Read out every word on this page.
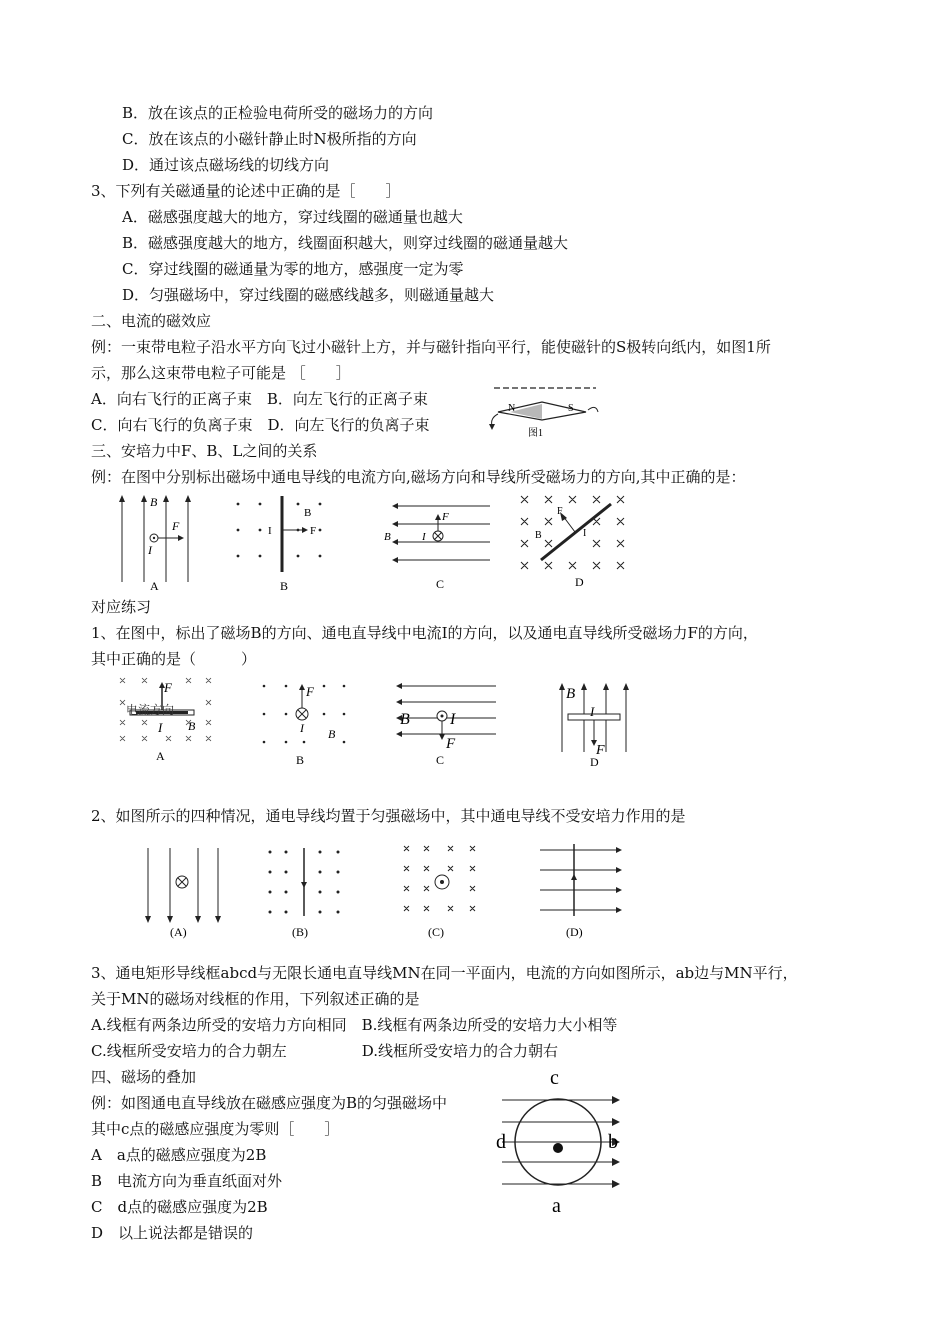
B．放在该点的正检验电荷所受的磁场力的方向
C．放在该点的小磁针静止时N极所指的方向
D．通过该点磁场线的切线方向
3、下列有关磁通量的论述中正确的是［　　］
A．磁感强度越大的地方，穿过线圈的磁通量也越大
B．磁感强度越大的地方，线圈面积越大，则穿过线圈的磁通量越大
C．穿过线圈的磁通量为零的地方，感强度一定为零
D．匀强磁场中，穿过线圈的磁感线越多，则磁通量越大
二、电流的磁效应
例：一束带电粒子沿水平方向飞过小磁针上方，并与磁针指向平行，能使磁针的S极转向纸内，如图1所
示，那么这束带电粒子可能是 ［　　］
A．向右飞行的正离子束　B．向左飞行的正离子束
C．向右飞行的负离子束　D．向左飞行的负离子束
三、安培力中F、B、L之间的关系
例：在图中分别标出磁场中通电导线的电流方向,磁场方向和导线所受磁场力的方向,其中正确的是：
对应练习
1、在图中，标出了磁场B的方向、通电直导线中电流I的方向，以及通电直导线所受磁场力F的方向，
其中正确的是（　　　）
2、如图所示的四种情况，通电导线均置于匀强磁场中，其中通电导线不受安培力作用的是
3、通电矩形导线框abcd与无限长通电直导线MN在同一平面内，电流的方向如图所示，ab边与MN平行，
关于MN的磁场对线框的作用，下列叙述正确的是
A.线框有两条边所受的安培力方向相同　B.线框有两条边所受的安培力大小相等
C.线框所受安培力的合力朝左　　　　　D.线框所受安培力的合力朝右
四、磁场的叠加
例：如图通电直导线放在磁感应强度为B的匀强磁场中
其中c点的磁感应强度为零则［　　］
A　a点的磁感应强度为2B
B　电流方向为垂直纸面对外
C　d点的磁感应强度为2B
D　以上说法都是错误的
N	S
图1
B
F
I
A
I
B
F
B
F
I
B
C
F
I
B
D
电流方向
F
I B
A
F
I B
B
B	I
F
C
B
I
F
D
(A)	(B)	(C)	(D)
c
d	b
a
